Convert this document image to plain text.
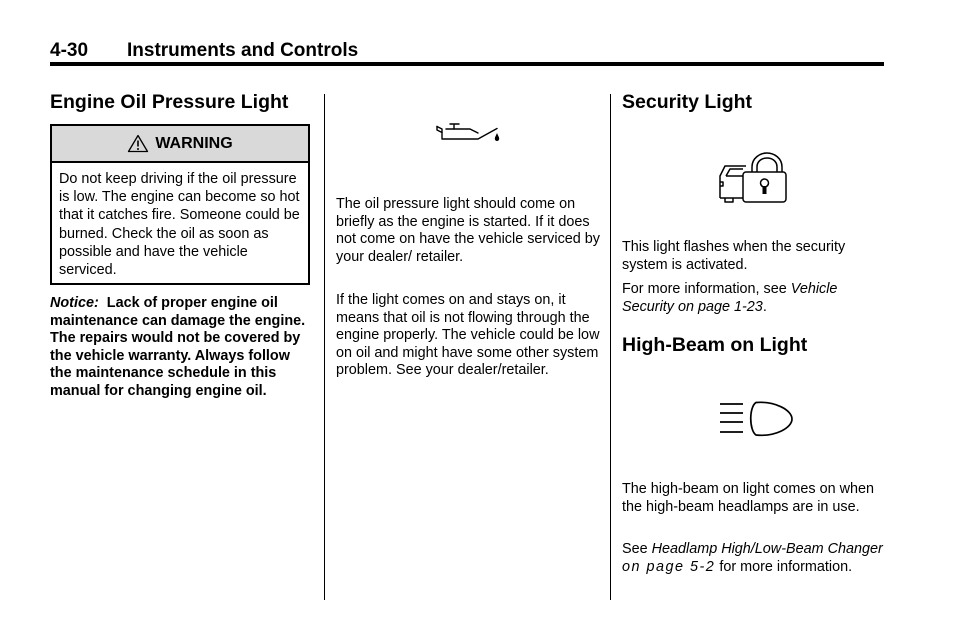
4-30 Instruments and Controls
Engine Oil Pressure Light
WARNING
Do not keep driving if the oil pressure is low. The engine can become so hot that it catches fire. Someone could be burned. Check the oil as soon as possible and have the vehicle serviced.

Notice: Lack of proper engine oil maintenance can damage the engine. The repairs would not be covered by the vehicle warranty. Always follow the maintenance schedule in this manual for changing engine oil.

The oil pressure light should come on briefly as the engine is started. If it does not come on have the vehicle serviced by your dealer/ retailer.

If the light comes on and stays on, it means that oil is not flowing through the engine properly. The vehicle could be low on oil and might have some other system problem. See your dealer/retailer.

Security Light

This light flashes when the security system is activated.

For more information, see Vehicle Security on page 1-23.

High-Beam on Light

The high-beam on light comes on when the high-beam headlamps are in use.

See Headlamp High/Low-Beam Changer on page 5-2 for more information.
